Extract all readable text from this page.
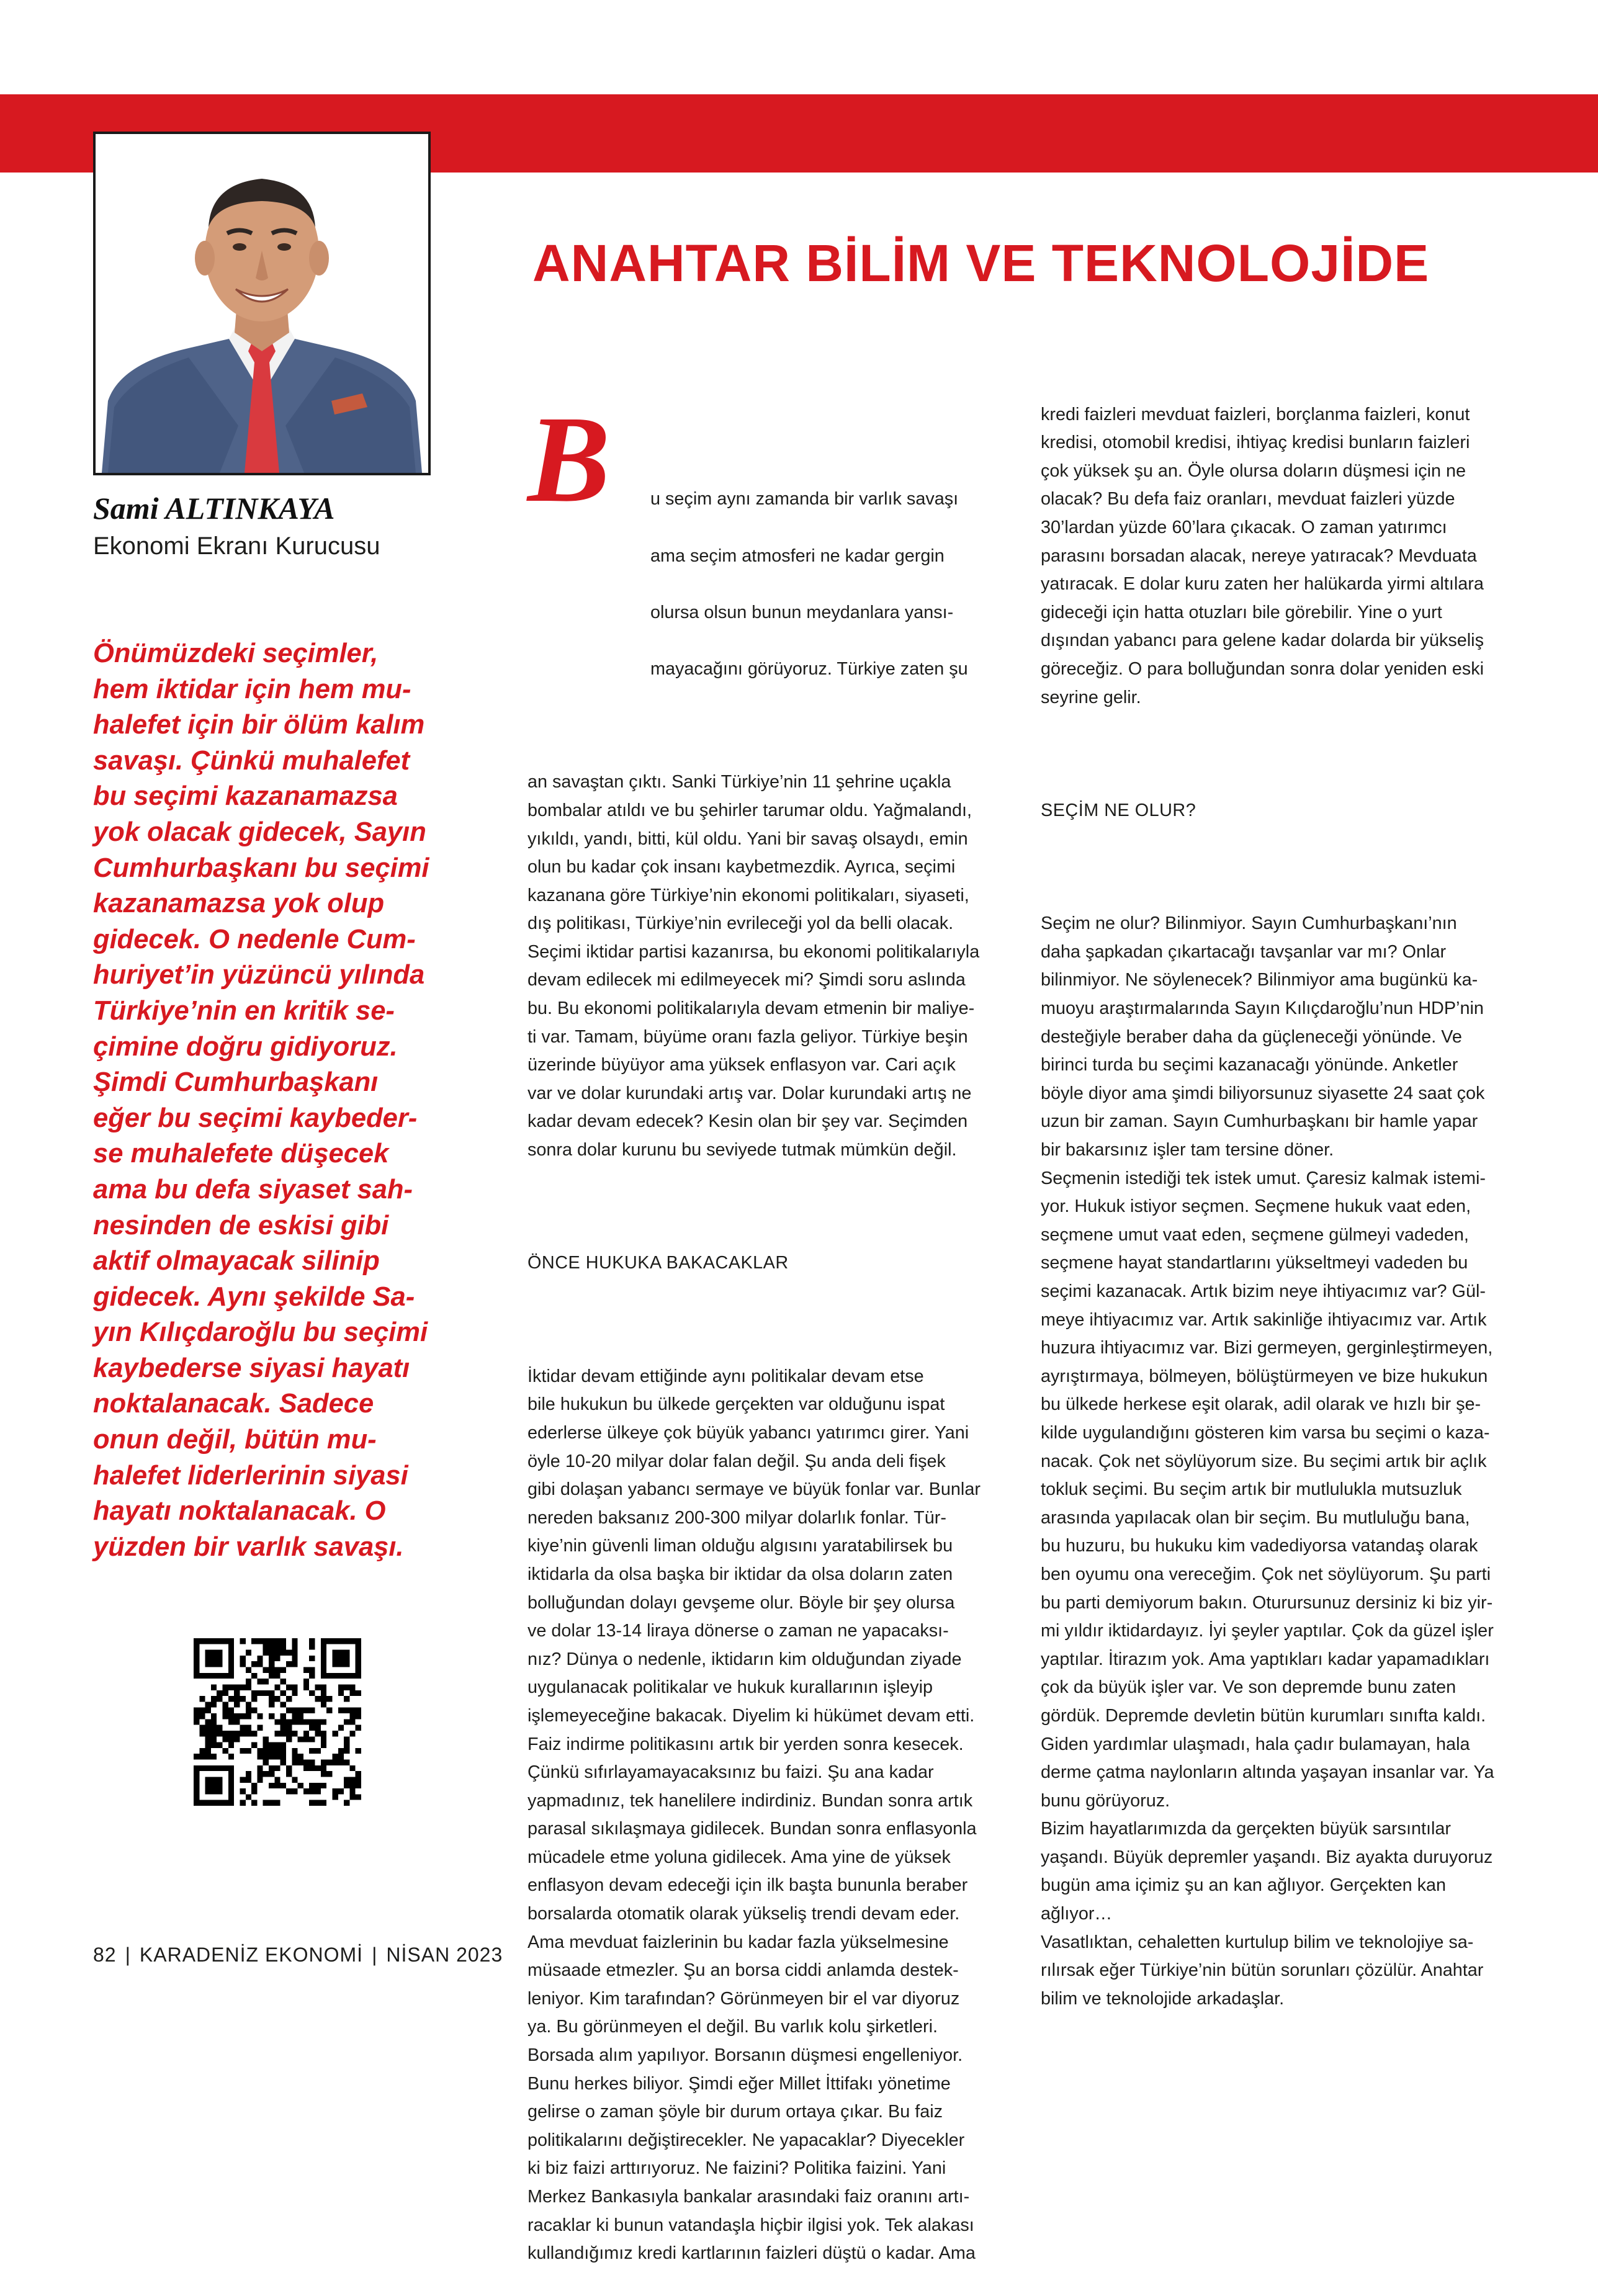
Sami ALTINKAYA
Ekonomi Ekranı Kurucusu
ANAHTAR BİLİM VE TEKNOLOJİDE

Önümüzdeki seçimler,
hem iktidar için hem mu-
halefet için bir ölüm kalım
savaşı. Çünkü muhalefet
bu seçimi kazanamazsa
yok olacak gidecek, Sayın
Cumhurbaşkanı bu seçimi
kazanamazsa yok olup
gidecek. O nedenle Cum-
huriyet’in yüzüncü yılında
Türkiye’nin en kritik se-
çimine doğru gidiyoruz.
Şimdi Cumhurbaşkanı
eğer bu seçimi kaybeder-
se muhalefete düşecek
ama bu defa siyaset sah-
nesinden de eskisi gibi
aktif olmayacak silinip
gidecek. Aynı şekilde Sa-
yın Kılıçdaroğlu bu seçimi
kaybederse siyasi hayatı
noktalanacak. Sadece
onun değil, bütün mu-
halefet liderlerinin siyasi
hayatı noktalanacak. O
yüzden bir varlık savaşı.

B	u seçim aynı zamanda bir varlık savaşı

ama seçim atmosferi ne kadar gergin

olursa olsun bunun meydanlara yansı-

mayacağını görüyoruz. Türkiye zaten şu

an savaştan çıktı. Sanki Türkiye’nin 11 şehrine uçakla
bombalar atıldı ve bu şehirler tarumar oldu. Yağmalandı,
yıkıldı, yandı, bitti, kül oldu. Yani bir savaş olsaydı, emin
olun bu kadar çok insanı kaybetmezdik. Ayrıca, seçimi
kazanana göre Türkiye’nin ekonomi politikaları, siyaseti,
dış politikası, Türkiye’nin evrileceği yol da belli olacak.
Seçimi iktidar partisi kazanırsa, bu ekonomi politikalarıyla
devam edilecek mi edilmeyecek mi? Şimdi soru aslında
bu. Bu ekonomi politikalarıyla devam etmenin bir maliye-
ti var. Tamam, büyüme oranı fazla geliyor. Türkiye beşin
üzerinde büyüyor ama yüksek enflasyon var. Cari açık
var ve dolar kurundaki artış var. Dolar kurundaki artış ne
kadar devam edecek? Kesin olan bir şey var. Seçimden
sonra dolar kurunu bu seviyede tutmak mümkün değil.

ÖNCE HUKUKA BAKACAKLAR

İktidar devam ettiğinde aynı politikalar devam etse
bile hukukun bu ülkede gerçekten var olduğunu ispat
ederlerse ülkeye çok büyük yabancı yatırımcı girer. Yani
öyle 10-20 milyar dolar falan değil. Şu anda deli fişek
gibi dolaşan yabancı sermaye ve büyük fonlar var. Bunlar
nereden baksanız 200-300 milyar dolarlık fonlar. Tür-
kiye’nin güvenli liman olduğu algısını yaratabilirsek bu
iktidarla da olsa başka bir iktidar da olsa doların zaten
bolluğundan dolayı gevşeme olur. Böyle bir şey olursa
ve dolar 13-14 liraya dönerse o zaman ne yapacaksı-
nız? Dünya o nedenle, iktidarın kim olduğundan ziyade
uygulanacak politikalar ve hukuk kurallarının işleyip
işlemeyeceğine bakacak. Diyelim ki hükümet devam etti.
Faiz indirme politikasını artık bir yerden sonra kesecek.
Çünkü sıfırlayamayacaksınız bu faizi. Şu ana kadar
yapmadınız, tek hanelilere indirdiniz. Bundan sonra artık
parasal sıkılaşmaya gidilecek. Bundan sonra enflasyonla
mücadele etme yoluna gidilecek. Ama yine de yüksek
enflasyon devam edeceği için ilk başta bununla beraber
borsalarda otomatik olarak yükseliş trendi devam eder.
Ama mevduat faizlerinin bu kadar fazla yükselmesine
müsaade etmezler. Şu an borsa ciddi anlamda destek-
leniyor. Kim tarafından? Görünmeyen bir el var diyoruz
ya. Bu görünmeyen el değil. Bu varlık kolu şirketleri.
Borsada alım yapılıyor. Borsanın düşmesi engelleniyor.
Bunu herkes biliyor. Şimdi eğer Millet İttifakı yönetime
gelirse o zaman şöyle bir durum ortaya çıkar. Bu faiz
politikalarını değiştirecekler. Ne yapacaklar? Diyecekler
ki biz faizi arttırıyoruz. Ne faizini? Politika faizini. Yani
Merkez Bankasıyla bankalar arasındaki faiz oranını artı-
racaklar ki bunun vatandaşla hiçbir ilgisi yok. Tek alakası
kullandığımız kredi kartlarının faizleri düştü o kadar. Ama

kredi faizleri mevduat faizleri, borçlanma faizleri, konut
kredisi, otomobil kredisi, ihtiyaç kredisi bunların faizleri
çok yüksek şu an. Öyle olursa doların düşmesi için ne
olacak? Bu defa faiz oranları, mevduat faizleri yüzde
30’lardan yüzde 60’lara çıkacak. O zaman yatırımcı
parasını borsadan alacak, nereye yatıracak? Mevduata
yatıracak. E dolar kuru zaten her halükarda yirmi altılara
gideceği için hatta otuzları bile görebilir. Yine o yurt
dışından yabancı para gelene kadar dolarda bir yükseliş
göreceğiz. O para bolluğundan sonra dolar yeniden eski
seyrine gelir.

SEÇİM NE OLUR?

Seçim ne olur? Bilinmiyor. Sayın Cumhurbaşkanı’nın
daha şapkadan çıkartacağı tavşanlar var mı? Onlar
bilinmiyor. Ne söylenecek? Bilinmiyor ama bugünkü ka-
muoyu araştırmalarında Sayın Kılıçdaroğlu’nun HDP’nin
desteğiyle beraber daha da güçleneceği yönünde. Ve
birinci turda bu seçimi kazanacağı yönünde. Anketler
böyle diyor ama şimdi biliyorsunuz siyasette 24 saat çok
uzun bir zaman. Sayın Cumhurbaşkanı bir hamle yapar
bir bakarsınız işler tam tersine döner.
Seçmenin istediği tek istek umut. Çaresiz kalmak istemi-
yor. Hukuk istiyor seçmen. Seçmene hukuk vaat eden,
seçmene umut vaat eden, seçmene gülmeyi vadeden,
seçmene hayat standartlarını yükseltmeyi vadeden bu
seçimi kazanacak. Artık bizim neye ihtiyacımız var? Gül-
meye ihtiyacımız var. Artık sakinliğe ihtiyacımız var. Artık
huzura ihtiyacımız var. Bizi germeyen, gerginleştirmeyen,
ayrıştırmaya, bölmeyen, bölüştürmeyen ve bize hukukun
bu ülkede herkese eşit olarak, adil olarak ve hızlı bir şe-
kilde uygulandığını gösteren kim varsa bu seçimi o kaza-
nacak. Çok net söylüyorum size. Bu seçimi artık bir açlık
tokluk seçimi. Bu seçim artık bir mutlulukla mutsuzluk
arasında yapılacak olan bir seçim. Bu mutluluğu bana,
bu huzuru, bu hukuku kim vadediyorsa vatandaş olarak
ben oyumu ona vereceğim. Çok net söylüyorum. Şu parti
bu parti demiyorum bakın. Oturursunuz dersiniz ki biz yir-
mi yıldır iktidardayız. İyi şeyler yaptılar. Çok da güzel işler
yaptılar. İtirazım yok. Ama yaptıkları kadar yapamadıkları
çok da büyük işler var. Ve son depremde bunu zaten
gördük. Depremde devletin bütün kurumları sınıfta kaldı.
Giden yardımlar ulaşmadı, hala çadır bulamayan, hala
derme çatma naylonların altında yaşayan insanlar var. Ya
bunu görüyoruz.
Bizim hayatlarımızda da gerçekten büyük sarsıntılar
yaşandı. Büyük depremler yaşandı. Biz ayakta duruyoruz
bugün ama içimiz şu an kan ağlıyor. Gerçekten kan
ağlıyor…
Vasatlıktan, cehaletten kurtulup bilim ve teknolojiye sa-
rılırsak eğer Türkiye’nin bütün sorunları çözülür. Anahtar
bilim ve teknolojide arkadaşlar.

82 | KARADENİZ EKONOMİ | NİSAN 2023
